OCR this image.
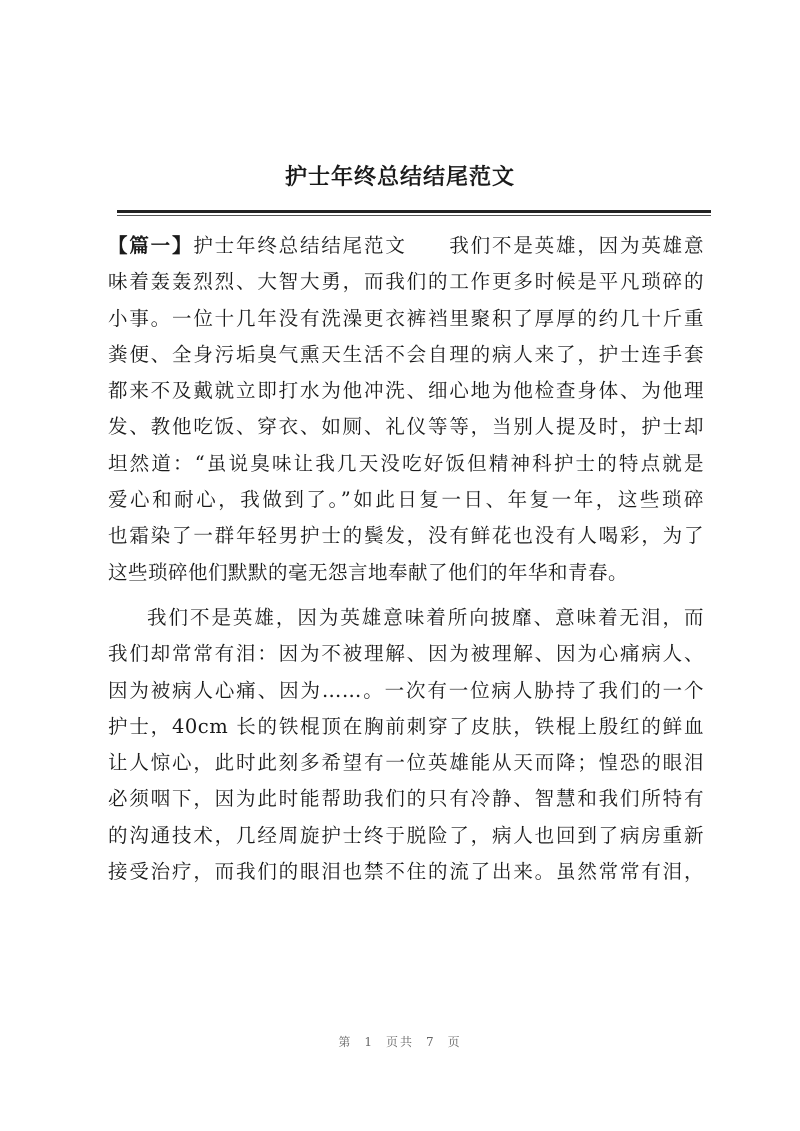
护士年终总结结尾范文
【篇一】护士年终总结结尾范文　　我们不是英雄，因为英雄意
味着轰轰烈烈、大智大勇，而我们的工作更多时候是平凡琐碎的
小事。一位十几年没有洗澡更衣裤裆里聚积了厚厚的约几十斤重
粪便、全身污垢臭气熏天生活不会自理的病人来了，护士连手套
都来不及戴就立即打水为他冲洗、细心地为他检查身体、为他理
发、教他吃饭、穿衣、如厕、礼仪等等，当别人提及时，护士却
坦然道：“虽说臭味让我几天没吃好饭但精神科护士的特点就是
爱心和耐心，我做到了。”如此日复一日、年复一年，这些琐碎
也霜染了一群年轻男护士的鬓发，没有鲜花也没有人喝彩，为了
这些琐碎他们默默的毫无怨言地奉献了他们的年华和青春。
我们不是英雄，因为英雄意味着所向披靡、意味着无泪，而
我们却常常有泪：因为不被理解、因为被理解、因为心痛病人、
因为被病人心痛、因为……。一次有一位病人胁持了我们的一个
护士，40cm 长的铁棍顶在胸前刺穿了皮肤，铁棍上殷红的鲜血
让人惊心，此时此刻多希望有一位英雄能从天而降；惶恐的眼泪
必须咽下，因为此时能帮助我们的只有冷静、智慧和我们所特有
的沟通技术，几经周旋护士终于脱险了，病人也回到了病房重新
接受治疗，而我们的眼泪也禁不住的流了出来。虽然常常有泪，
第 1 页共 7 页
